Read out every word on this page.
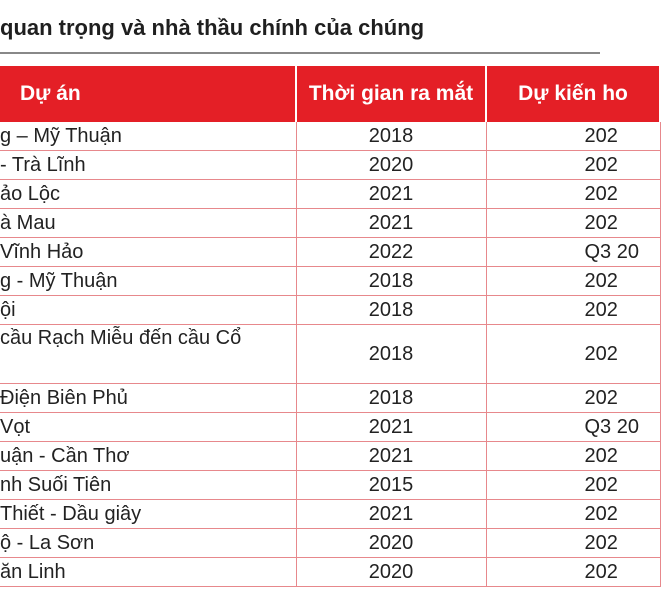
quan trọng và nhà thầu chính của chúng
Dự án	Thời gian ra mắt	Dự kiến ho
g – Mỹ Thuận	2018	202
- Trà Lĩnh	2020	202
ảo Lộc	2021	202
à Mau	2021	202
Vĩnh Hảo	2022	Q3 20
g - Mỹ Thuận	2018	202
ội	2018	202
cầu Rạch Miễu đến cầu Cổ	2018	202
Điện Biên Phủ	2018	202
Vọt	2021	Q3 20
uận - Cần Thơ	2021	202
nh Suối Tiên	2015	202
Thiết - Dầu giây	2021	202
ộ - La Sơn	2020	202
ăn Linh	2020	202
